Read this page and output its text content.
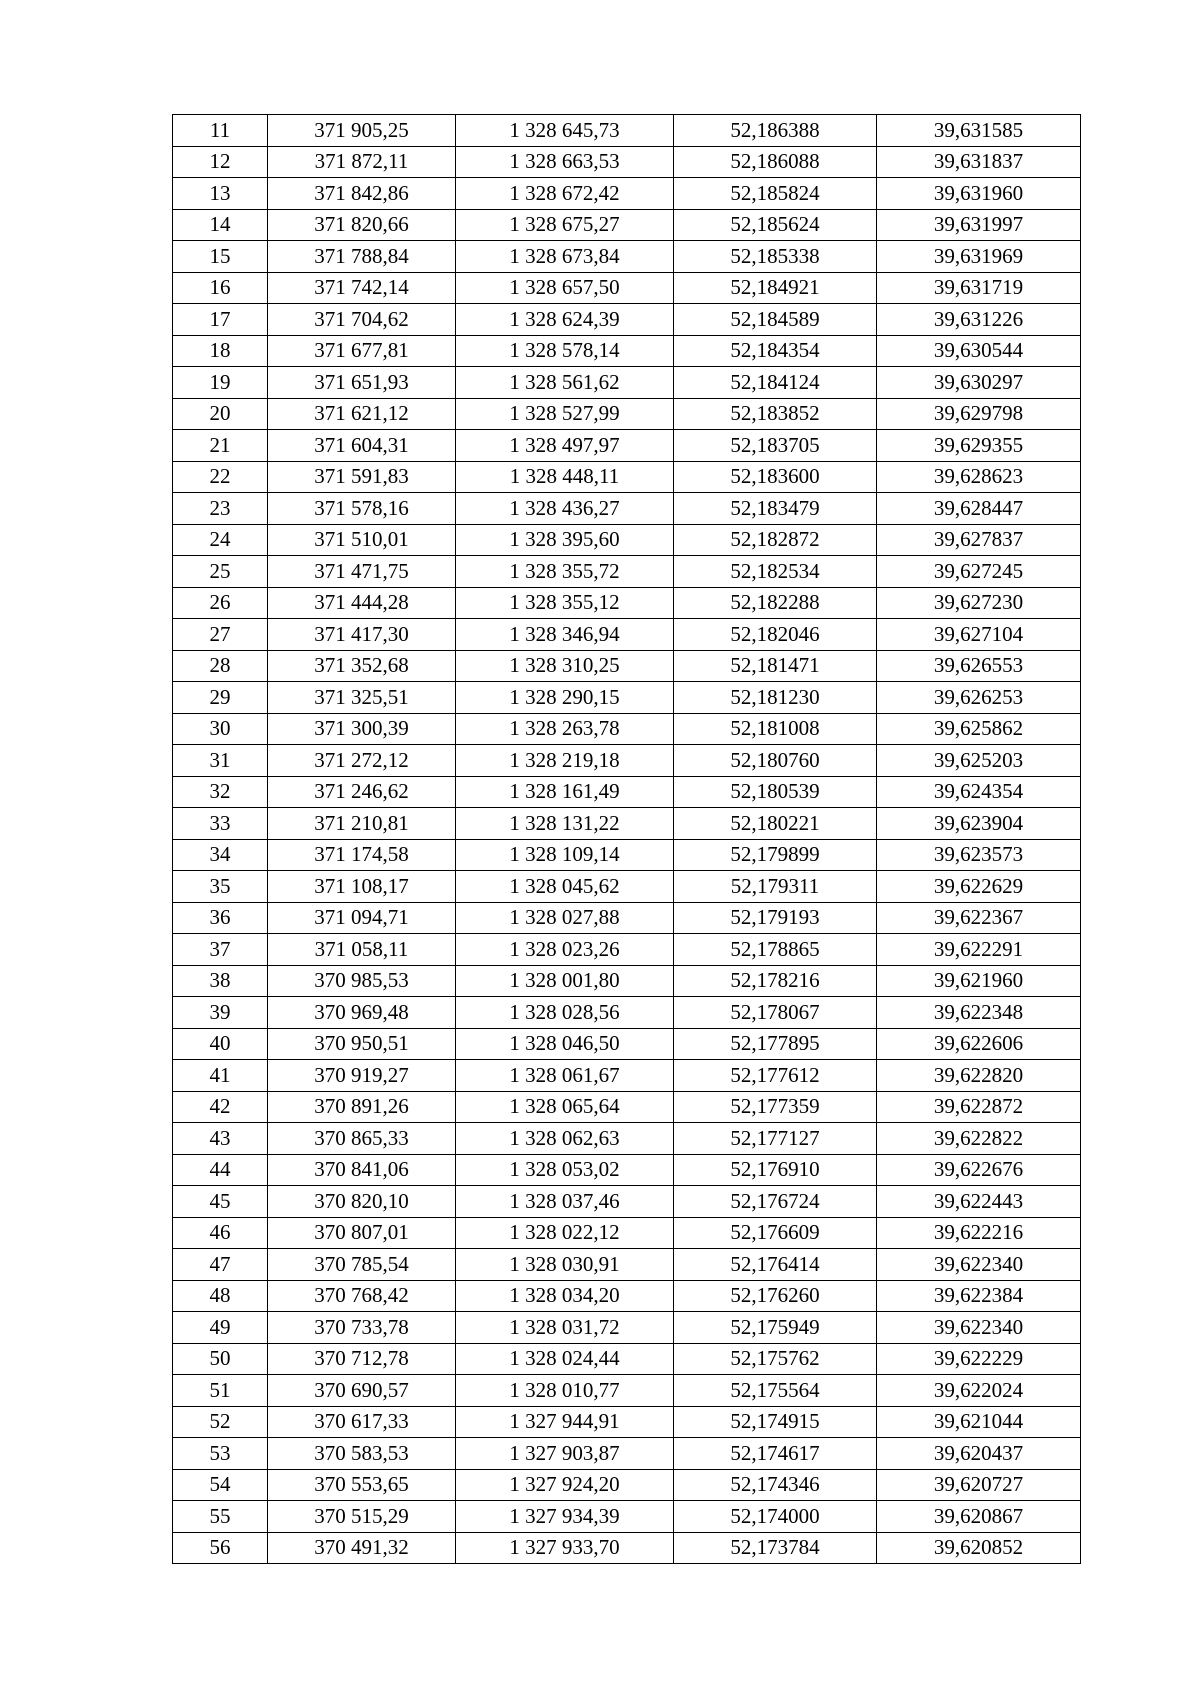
11	371 905,25	1 328 645,73	52,186388	39,631585
12	371 872,11	1 328 663,53	52,186088	39,631837
13	371 842,86	1 328 672,42	52,185824	39,631960
14	371 820,66	1 328 675,27	52,185624	39,631997
15	371 788,84	1 328 673,84	52,185338	39,631969
16	371 742,14	1 328 657,50	52,184921	39,631719
17	371 704,62	1 328 624,39	52,184589	39,631226
18	371 677,81	1 328 578,14	52,184354	39,630544
19	371 651,93	1 328 561,62	52,184124	39,630297
20	371 621,12	1 328 527,99	52,183852	39,629798
21	371 604,31	1 328 497,97	52,183705	39,629355
22	371 591,83	1 328 448,11	52,183600	39,628623
23	371 578,16	1 328 436,27	52,183479	39,628447
24	371 510,01	1 328 395,60	52,182872	39,627837
25	371 471,75	1 328 355,72	52,182534	39,627245
26	371 444,28	1 328 355,12	52,182288	39,627230
27	371 417,30	1 328 346,94	52,182046	39,627104
28	371 352,68	1 328 310,25	52,181471	39,626553
29	371 325,51	1 328 290,15	52,181230	39,626253
30	371 300,39	1 328 263,78	52,181008	39,625862
31	371 272,12	1 328 219,18	52,180760	39,625203
32	371 246,62	1 328 161,49	52,180539	39,624354
33	371 210,81	1 328 131,22	52,180221	39,623904
34	371 174,58	1 328 109,14	52,179899	39,623573
35	371 108,17	1 328 045,62	52,179311	39,622629
36	371 094,71	1 328 027,88	52,179193	39,622367
37	371 058,11	1 328 023,26	52,178865	39,622291
38	370 985,53	1 328 001,80	52,178216	39,621960
39	370 969,48	1 328 028,56	52,178067	39,622348
40	370 950,51	1 328 046,50	52,177895	39,622606
41	370 919,27	1 328 061,67	52,177612	39,622820
42	370 891,26	1 328 065,64	52,177359	39,622872
43	370 865,33	1 328 062,63	52,177127	39,622822
44	370 841,06	1 328 053,02	52,176910	39,622676
45	370 820,10	1 328 037,46	52,176724	39,622443
46	370 807,01	1 328 022,12	52,176609	39,622216
47	370 785,54	1 328 030,91	52,176414	39,622340
48	370 768,42	1 328 034,20	52,176260	39,622384
49	370 733,78	1 328 031,72	52,175949	39,622340
50	370 712,78	1 328 024,44	52,175762	39,622229
51	370 690,57	1 328 010,77	52,175564	39,622024
52	370 617,33	1 327 944,91	52,174915	39,621044
53	370 583,53	1 327 903,87	52,174617	39,620437
54	370 553,65	1 327 924,20	52,174346	39,620727
55	370 515,29	1 327 934,39	52,174000	39,620867
56	370 491,32	1 327 933,70	52,173784	39,620852
